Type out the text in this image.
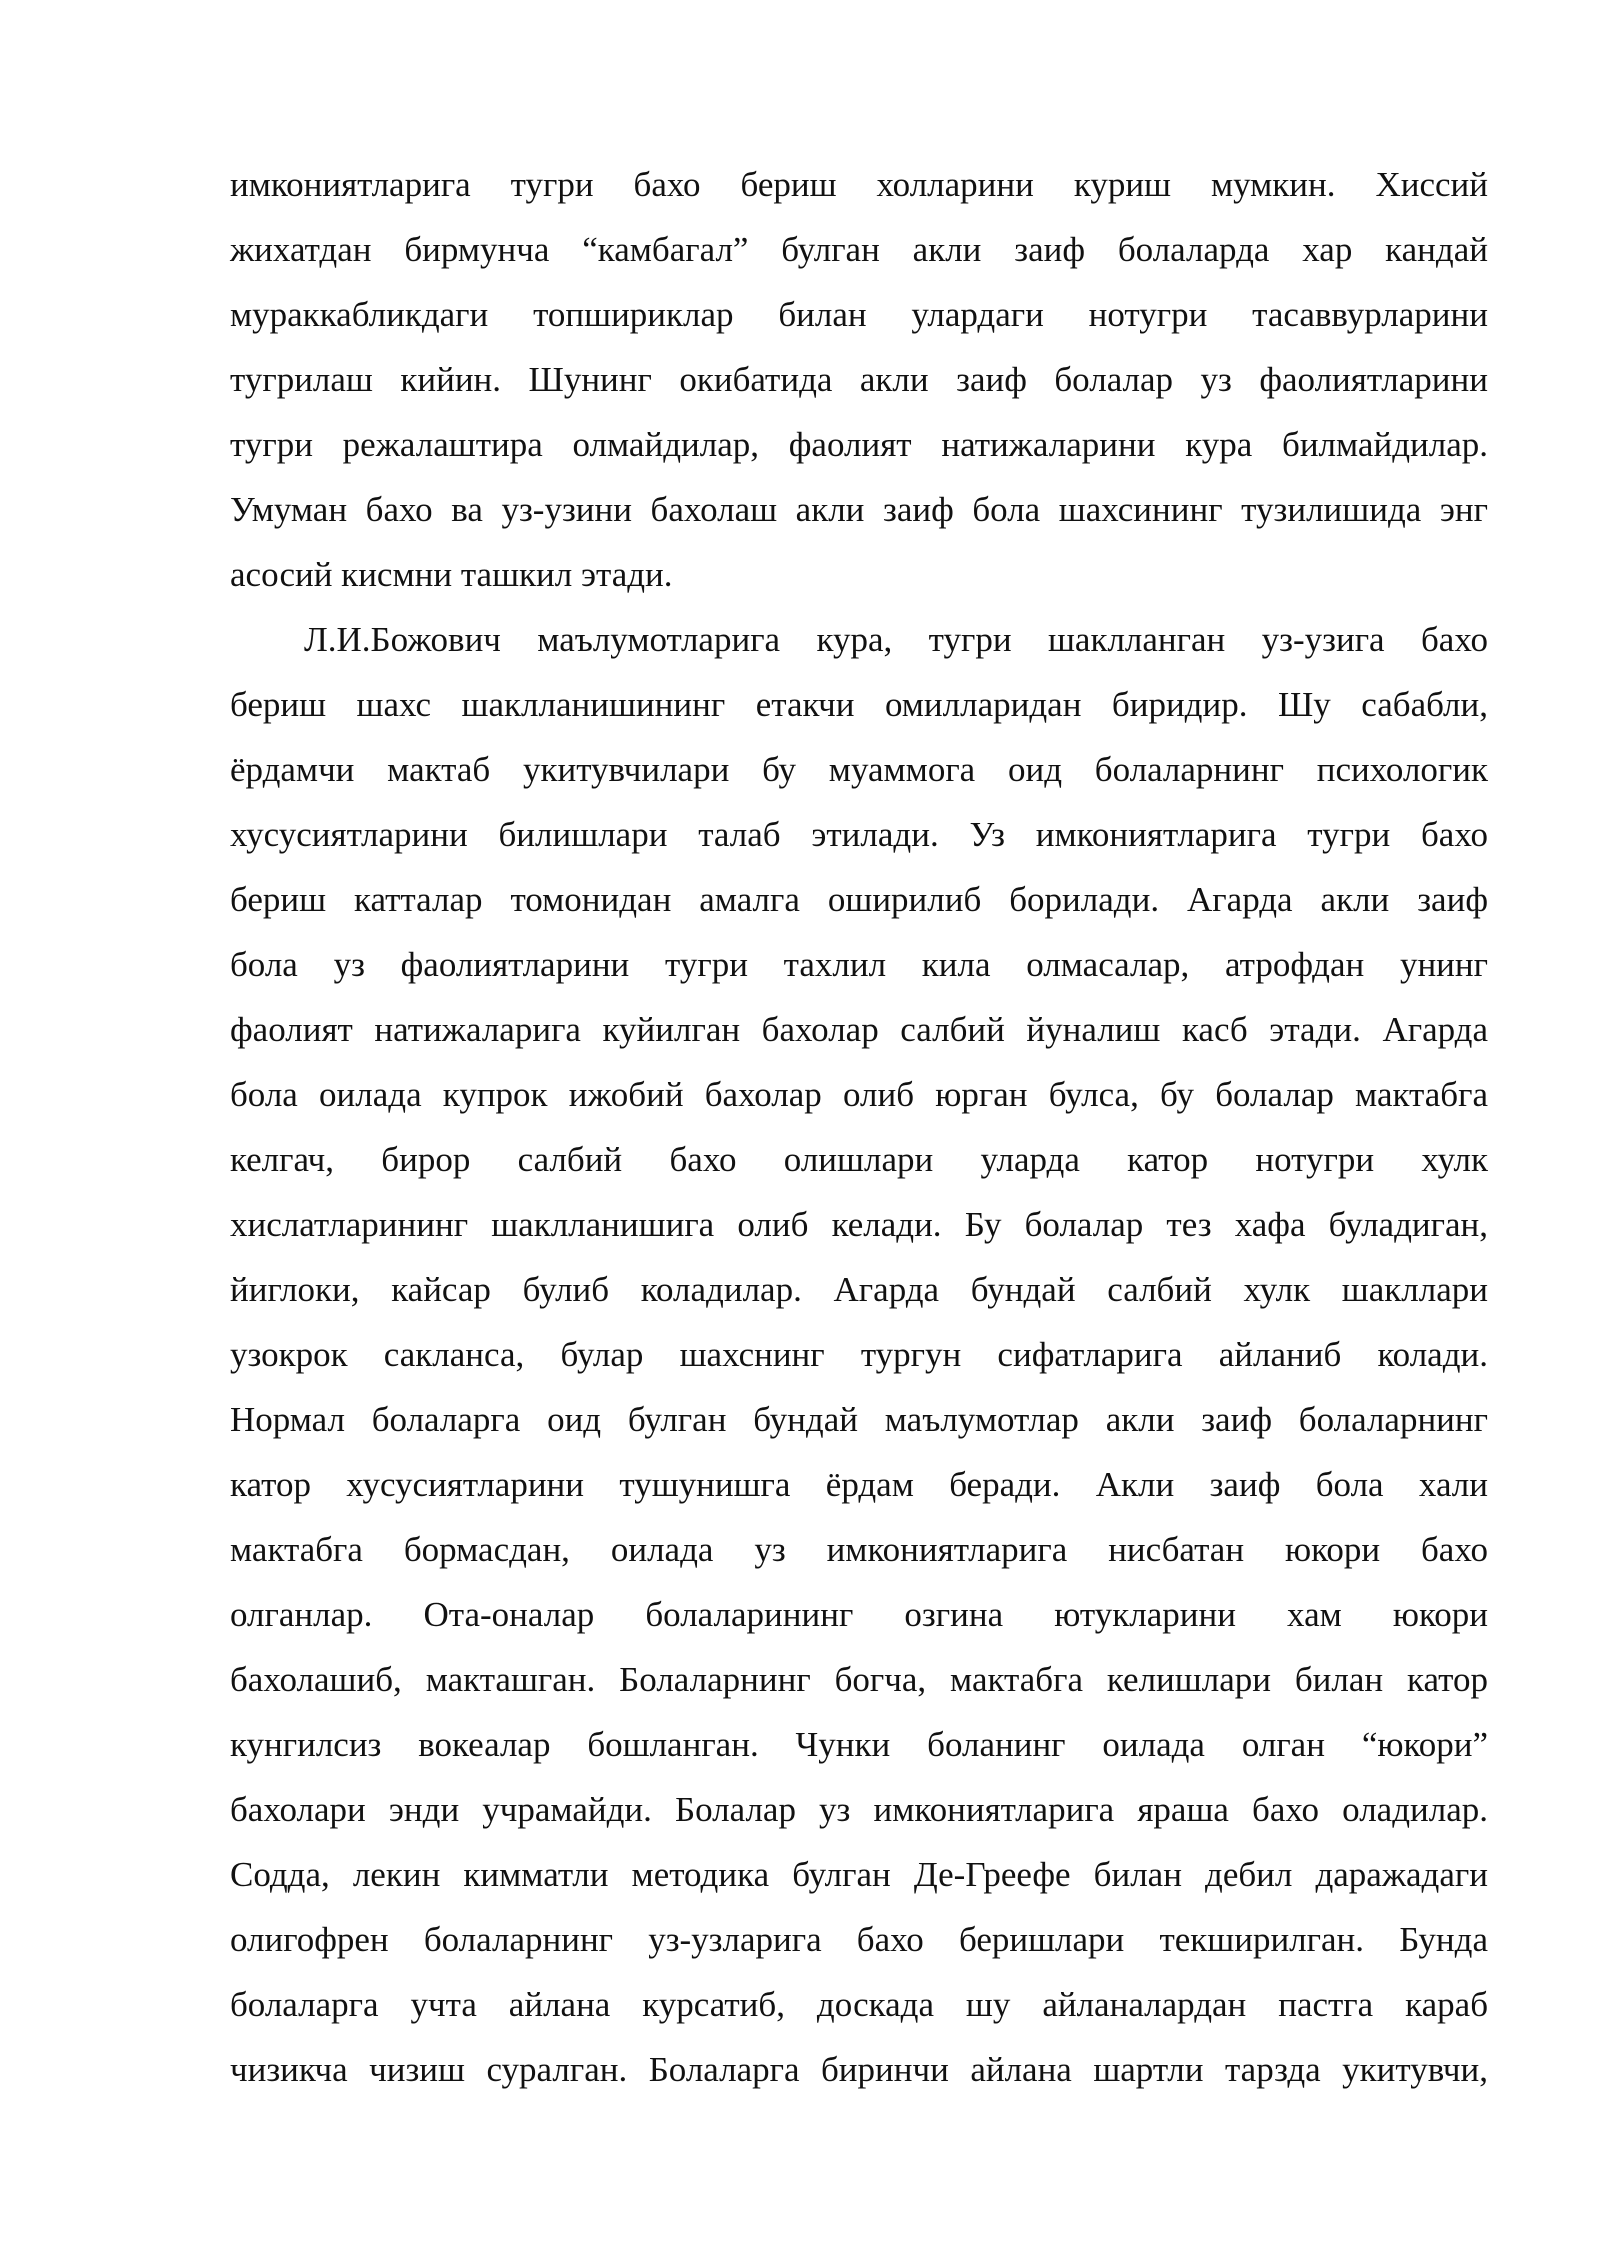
имкониятларига тугри бахо бериш холларини куриш мумкин. Хиссий
жихатдан бирмунча “камбагал” булган акли заиф болаларда хар кандай
мураккабликдаги топшириклар билан улардаги нотугри тасаввурларини
тугрилаш кийин. Шунинг окибатида акли заиф болалар уз фаолиятларини
тугри режалаштира олмайдилар, фаолият натижаларини кура билмайдилар.
Умуман бахо ва уз-узини бахолаш акли заиф бола шахсининг тузилишида энг
асосий кисмни ташкил этади.
Л.И.Божович маълумотларига кура, тугри шаклланган уз-узига бахо
бериш шахс шаклланишининг етакчи омилларидан биридир. Шу сабабли,
ёрдамчи мактаб укитувчилари бу муаммога оид болаларнинг психологик
хусусиятларини билишлари талаб этилади. Уз имкониятларига тугри бахо
бериш катталар томонидан амалга оширилиб борилади. Агарда акли заиф
бола уз фаолиятларини тугри тахлил кила олмасалар, атрофдан унинг
фаолият натижаларига куйилган бахолар салбий йуналиш касб этади. Агарда
бола оилада купрок ижобий бахолар олиб юрган булса, бу болалар мактабга
келгач, бирор салбий бахо олишлари уларда катор нотугри хулк
хислатларининг шаклланишига олиб келади. Бу болалар тез хафа буладиган,
йиглоки, кайсар булиб коладилар. Агарда бундай салбий хулк шакллари
узокрок сакланса, булар шахснинг тургун сифатларига айланиб колади.
Нормал болаларга оид булган бундай маълумотлар акли заиф болаларнинг
катор хусусиятларини тушунишга ёрдам беради. Акли заиф бола хали
мактабга бормасдан, оилада уз имкониятларига нисбатан юкори бахо
олганлар. Ота-оналар болаларининг озгина ютукларини хам юкори
бахолашиб, макташган. Болаларнинг богча, мактабга келишлари билан катор
кунгилсиз вокеалар бошланган. Чунки боланинг оилада олган “юкори”
бахолари энди учрамайди. Болалар уз имкониятларига яраша бахо оладилар.
Содда, лекин кимматли методика булган Де-Греефе билан дебил даражадаги
олигофрен болаларнинг уз-узларига бахо беришлари текширилган. Бунда
болаларга учта айлана курсатиб, доскада шу айланалардан пастга караб
чизикча чизиш суралган. Болаларга биринчи айлана шартли тарзда укитувчи,
